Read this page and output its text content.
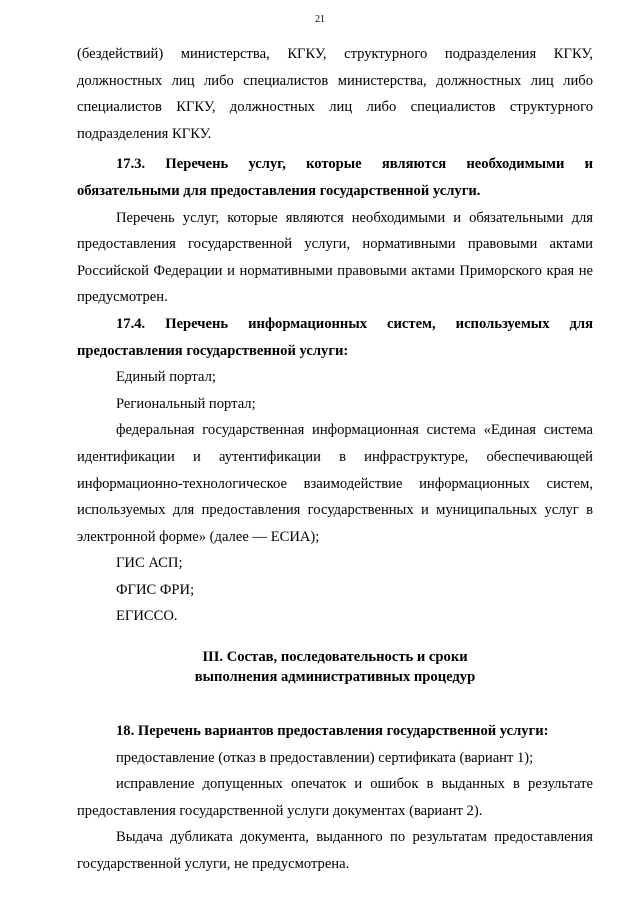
21

(бездействий) министерства, КГКУ, структурного подразделения КГКУ, должностных лиц либо специалистов министерства, должностных лиц либо специалистов КГКУ, должностных лиц либо специалистов структурного подразделения КГКУ.

17.3. Перечень услуг, которые являются необходимыми и обязательными для предоставления государственной услуги.

Перечень услуг, которые являются необходимыми и обязательными для предоставления государственной услуги, нормативными правовыми актами Российской Федерации и нормативными правовыми актами Приморского края не предусмотрен.

17.4. Перечень информационных систем, используемых для предоставления государственной услуги:

Единый портал;

Региональный портал;

федеральная государственная информационная система «Единая система идентификации и аутентификации в инфраструктуре, обеспечивающей информационно-технологическое взаимодействие информационных систем, используемых для предоставления государственных и муниципальных услуг в электронной форме» (далее — ЕСИА);

ГИС АСП;

ФГИС ФРИ;

ЕГИССО.

III. Состав, последовательность и сроки
выполнения административных процедур

18. Перечень вариантов предоставления государственной услуги:

предоставление (отказ в предоставлении) сертификата (вариант 1);

исправление допущенных опечаток и ошибок в выданных в результате предоставления государственной услуги документах (вариант 2).

Выдача дубликата документа, выданного по результатам предоставления государственной услуги, не предусмотрена.
